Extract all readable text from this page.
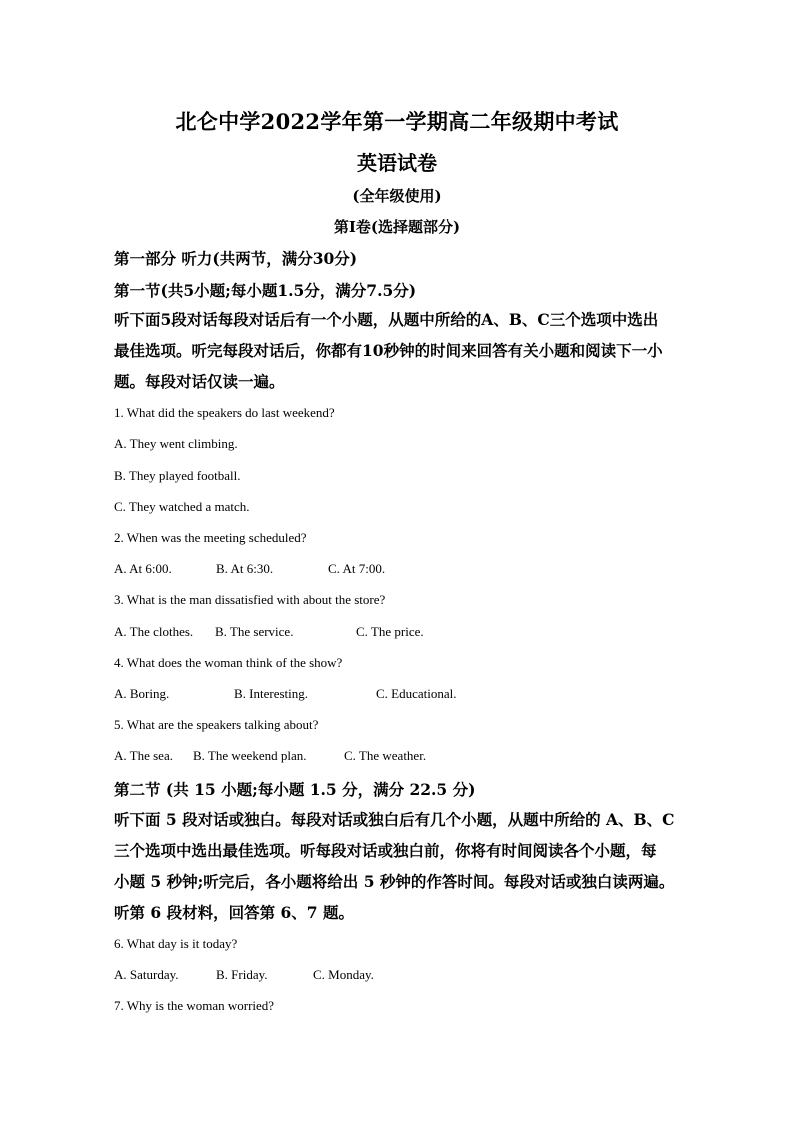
北仑中学2022学年第一学期高二年级期中考试
英语试卷
(全年级使用)
第I卷(选择题部分)
第一部分 听力(共两节，满分30分)
第一节(共5小题;每小题1.5分，满分7.5分)
听下面5段对话每段对话后有一个小题，从题中所给的A、B、C三个选项中选出
最佳选项。听完每段对话后，你都有10秒钟的时间来回答有关小题和阅读下一小
题。每段对话仅读一遍。
1. What did the speakers do last weekend?
A. They went climbing.
B. They played football.
C. They watched a match.
2. When was the meeting scheduled?
A. At 6:00.	B. At 6:30.	C. At 7:00.
3. What is the man dissatisfied with about the store?
A. The clothes. B. The service.	C. The price.
4. What does the woman think of the show?
A. Boring.	B. Interesting.	C. Educational.
5. What are the speakers talking about?
A. The sea. B. The weekend plan.	C. The weather.
第二节 (共 15 小题;每小题 1.5 分，满分 22.5 分)
听下面 5 段对话或独白。每段对话或独白后有几个小题，从题中所给的 A、B、C
三个选项中选出最佳选项。听每段对话或独白前，你将有时间阅读各个小题，每
小题 5 秒钟;听完后，各小题将给出 5 秒钟的作答时间。每段对话或独白读两遍。
听第 6 段材料，回答第 6、7 题。
6. What day is it today?
A. Saturday.	B. Friday.	C. Monday.
7. Why is the woman worried?
